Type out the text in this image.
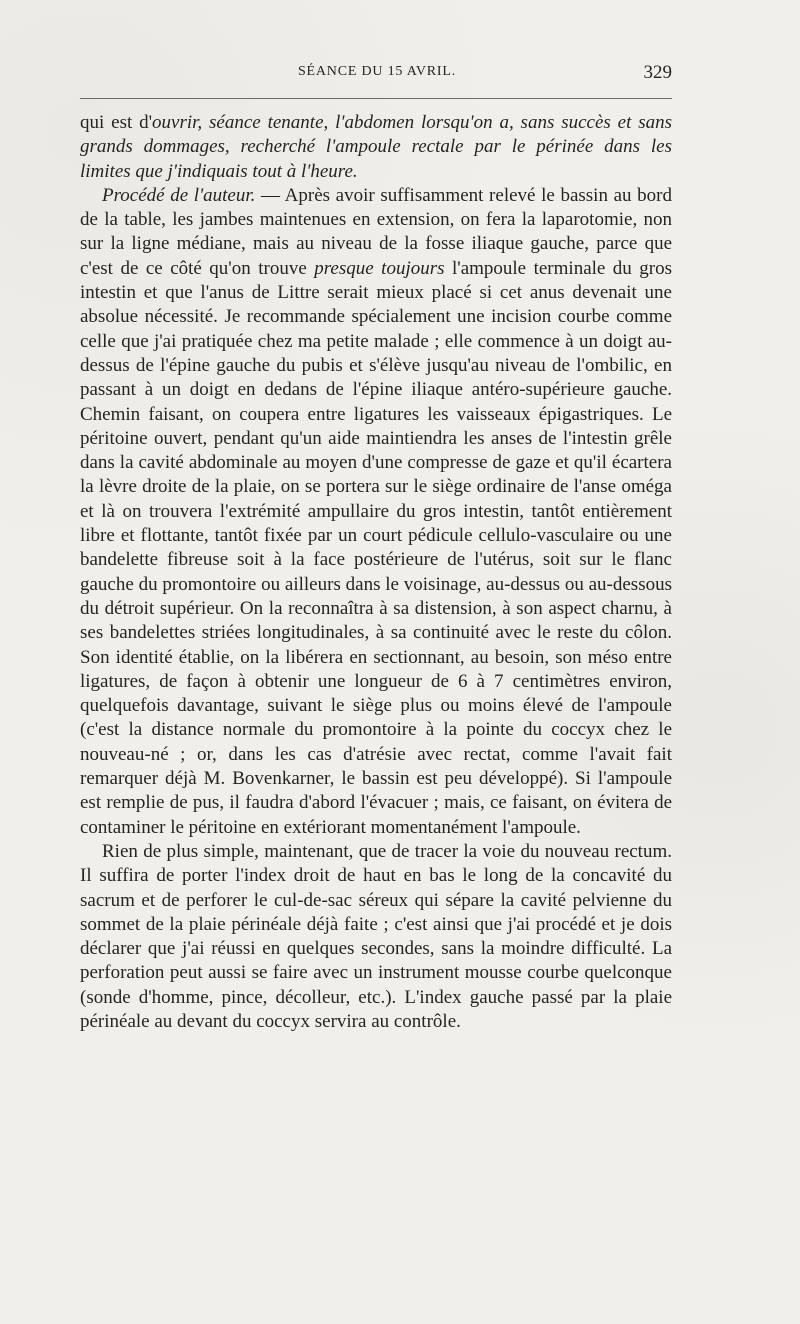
SÉANCE DU 15 AVRIL.	329

qui est d'ouvrir, séance tenante, l'abdomen lorsqu'on a, sans succès et sans grands dommages, recherché l'ampoule rectale par le périnée dans les limites que j'indiquais tout à l'heure.

Procédé de l'auteur. — Après avoir suffisamment relevé le bassin au bord de la table, les jambes maintenues en extension, on fera la laparotomie, non sur la ligne médiane, mais au niveau de la fosse iliaque gauche, parce que c'est de ce côté qu'on trouve presque toujours l'ampoule terminale du gros intestin et que l'anus de Littre serait mieux placé si cet anus devenait une absolue nécessité. Je recommande spécialement une incision courbe comme celle que j'ai pratiquée chez ma petite malade ; elle commence à un doigt au-dessus de l'épine gauche du pubis et s'élève jusqu'au niveau de l'ombilic, en passant à un doigt en dedans de l'épine iliaque antéro-supérieure gauche. Chemin faisant, on coupera entre ligatures les vaisseaux épigastriques. Le péritoine ouvert, pendant qu'un aide maintiendra les anses de l'intestin grêle dans la cavité abdominale au moyen d'une compresse de gaze et qu'il écartera la lèvre droite de la plaie, on se portera sur le siège ordinaire de l'anse oméga et là on trouvera l'extrémité ampullaire du gros intestin, tantôt entièrement libre et flottante, tantôt fixée par un court pédicule cellulo-vasculaire ou une bandelette fibreuse soit à la face postérieure de l'utérus, soit sur le flanc gauche du promontoire ou ailleurs dans le voisinage, au-dessus ou au-dessous du détroit supérieur. On la reconnaîtra à sa distension, à son aspect charnu, à ses bandelettes striées longitudinales, à sa continuité avec le reste du côlon. Son identité établie, on la libérera en sectionnant, au besoin, son méso entre ligatures, de façon à obtenir une longueur de 6 à 7 centimètres environ, quelquefois davantage, suivant le siège plus ou moins élevé de l'ampoule (c'est la distance normale du promontoire à la pointe du coccyx chez le nouveau-né ; or, dans les cas d'atrésie avec rectat, comme l'avait fait remarquer déjà M. Bovenkarner, le bassin est peu développé). Si l'ampoule est remplie de pus, il faudra d'abord l'évacuer ; mais, ce faisant, on évitera de contaminer le péritoine en extériorant momentanément l'ampoule.

Rien de plus simple, maintenant, que de tracer la voie du nouveau rectum. Il suffira de porter l'index droit de haut en bas le long de la concavité du sacrum et de perforer le cul-de-sac séreux qui sépare la cavité pelvienne du sommet de la plaie périnéale déjà faite ; c'est ainsi que j'ai procédé et je dois déclarer que j'ai réussi en quelques secondes, sans la moindre difficulté. La perforation peut aussi se faire avec un instrument mousse courbe quelconque (sonde d'homme, pince, décolleur, etc.). L'index gauche passé par la plaie périnéale au devant du coccyx servira au contrôle.
